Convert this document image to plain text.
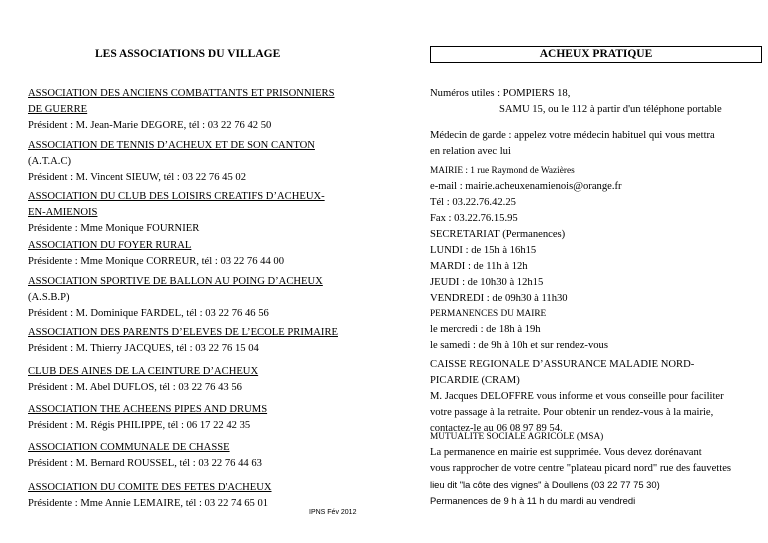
LES ASSOCIATIONS DU VILLAGE
ASSOCIATION DES ANCIENS COMBATTANTS ET PRISONNIERS
DE GUERRE
Président : M. Jean-Marie DEGORE, tél : 03 22 76 42 50
ASSOCIATION DE TENNIS D’ACHEUX ET DE SON CANTON
(A.T.A.C)
Président : M. Vincent SIEUW, tél : 03 22 76 45 02
ASSOCIATION DU CLUB DES LOISIRS CREATIFS D’ACHEUX-
EN-AMIENOIS
Présidente : Mme Monique FOURNIER
ASSOCIATION DU FOYER RURAL
Présidente : Mme Monique CORREUR, tél : 03 22 76 44 00
ASSOCIATION SPORTIVE DE BALLON AU POING D’ACHEUX
(A.S.B.P)
Président : M. Dominique FARDEL, tél : 03 22 76 46 56
ASSOCIATION DES PARENTS D’ELEVES DE L’ECOLE PRIMAIRE
Président : M. Thierry JACQUES, tél : 03 22 76 15 04
CLUB DES AINES DE LA CEINTURE D’ACHEUX
Président : M. Abel DUFLOS, tél : 03 22 76 43 56
ASSOCIATION THE ACHEENS PIPES AND DRUMS
Président : M. Régis PHILIPPE, tél : 06 17 22 42 35
ASSOCIATION COMMUNALE DE CHASSE
Président : M. Bernard ROUSSEL, tél : 03 22 76 44 63
ASSOCIATION DU COMITE DES FETES D'ACHEUX
Présidente : Mme Annie LEMAIRE, tél : 03 22 74 65 01
ACHEUX PRATIQUE
Numéros utiles : POMPIERS 18,
SAMU 15, ou le 112 à partir d'un téléphone portable
Médecin de garde : appelez votre médecin habituel qui vous mettra
en relation avec lui
MAIRIE : 1 rue Raymond de Wazières
e-mail : mairie.acheuxenamienois@orange.fr
Tél : 03.22.76.42.25
Fax : 03.22.76.15.95
SECRETARIAT (Permanences)
LUNDI : de 15h à 16h15
MARDI : de 11h à 12h
JEUDI : de 10h30 à 12h15
VENDREDI : de 09h30 à 11h30
PERMANENCES DU MAIRE
le mercredi : de 18h à 19h
le samedi : de 9h à 10h et sur rendez-vous
CAISSE REGIONALE D’ASSURANCE MALADIE NORD-
PICARDIE (CRAM)
M. Jacques DELOFFRE vous informe et vous conseille pour faciliter
votre passage à la retraite. Pour obtenir un rendez-vous à la mairie,
contactez-le au 06 08 97 89 54.
MUTUALITE SOCIALE AGRICOLE (MSA)
La permanence en mairie est supprimée. Vous devez dorénavant
vous rapprocher de votre centre "plateau picard nord" rue des fauvettes
lieu dit "la côte des vignes" à Doullens (03 22 77 75 30)
Permanences de 9 h à 11 h du mardi au vendredi
IPNS Fév 2012
